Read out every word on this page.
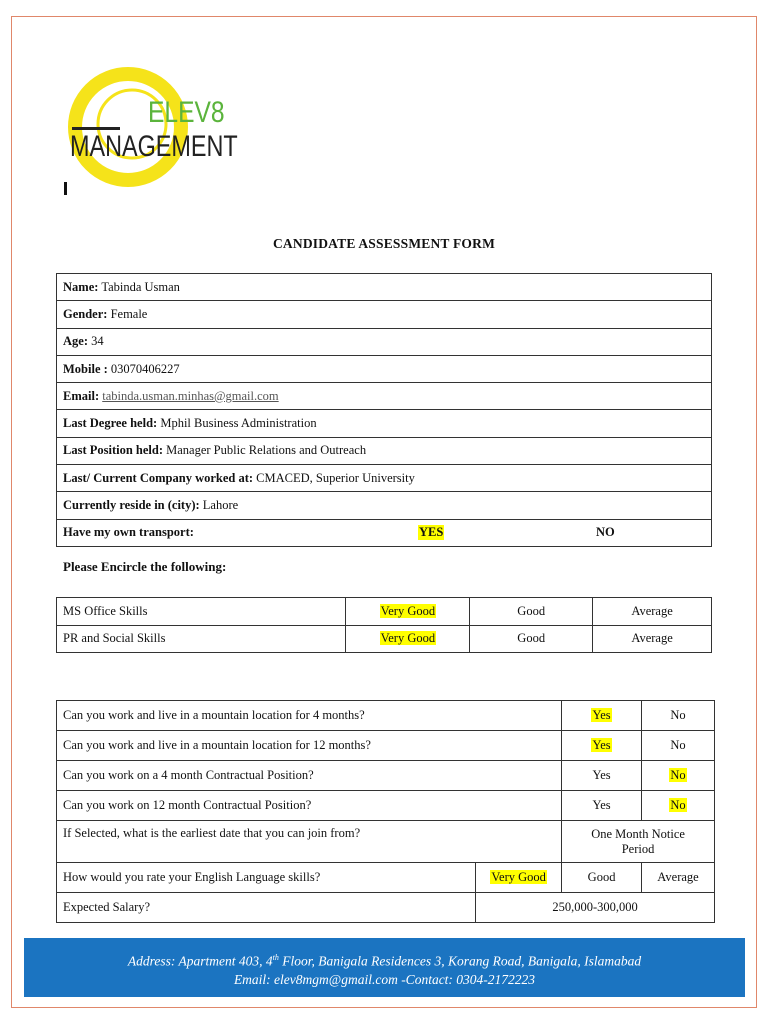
ELEV8
MANAGEMENT
CANDIDATE ASSESSMENT FORM
Name: Tabinda Usman
Gender: Female
Age: 34
Mobile : 03070406227
Email: tabinda.usman.minhas@gmail.com
Last Degree held: Mphil Business Administration
Last Position held: Manager Public Relations and Outreach
Last/ Current Company worked at: CMACED, Superior University
Currently reside in (city): Lahore

Have my own transport:	YES	NO
Please Encircle the following:
MS Office Skills	Very Good	Good	Average
PR and Social Skills	Very Good	Good	Average
Can you work and live in a mountain location for 4 months?		Yes	No
Can you work and live in a mountain location for 12 months?		Yes	No
Can you work on a 4 month Contractual Position?		Yes	No
Can you work on 12 month Contractual Position?		Yes	No
If Selected, what is the earliest date that you can join from?		One Month Notice
Period	

How would you rate your English Language skills?	Very Good	Good	Average
Expected Salary?	250,000-300,000		
Address: Apartment 403, 4th Floor, Banigala Residences 3, Korang Road, Banigala, Islamabad
Email: elev8mgm@gmail.com -Contact: 0304-2172223
